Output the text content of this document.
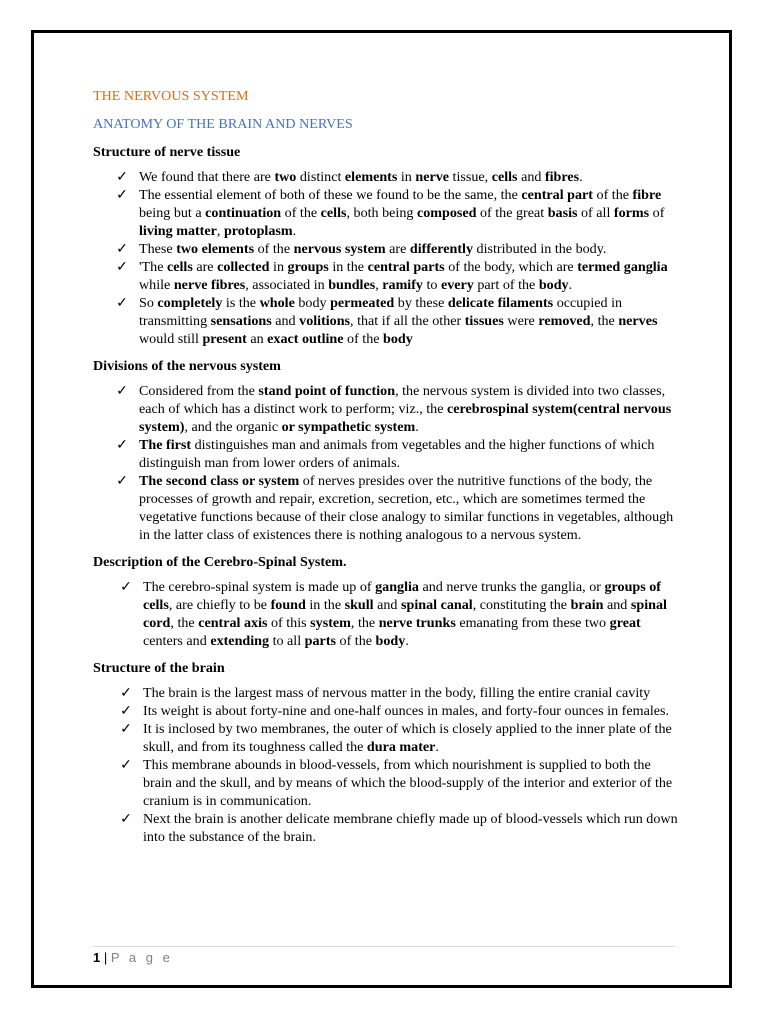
THE NERVOUS SYSTEM

ANATOMY OF THE BRAIN AND NERVES

Structure of nerve tissue
✓ We found that there are two distinct elements in nerve tissue, cells and fibres.
✓ The essential element of both of these we found to be the same, the central part of the fibre being but a continuation of the cells, both being composed of the great basis of all forms of living matter, protoplasm.
✓ These two elements of the nervous system are differently distributed in the body.
✓ 'The cells are collected in groups in the central parts of the body, which are termed ganglia while nerve fibres, associated in bundles, ramify to every part of the body.
✓ So completely is the whole body permeated by these delicate filaments occupied in transmitting sensations and volitions, that if all the other tissues were removed, the nerves would still present an exact outline of the body
Divisions of the nervous system
✓ Considered from the stand point of function, the nervous system is divided into two classes, each of which has a distinct work to perform; viz., the cerebrospinal system(central nervous system), and the organic or sympathetic system.
✓ The first distinguishes man and animals from vegetables and the higher functions of which distinguish man from lower orders of animals.
✓ The second class or system of nerves presides over the nutritive functions of the body, the processes of growth and repair, excretion, secretion, etc., which are sometimes termed the vegetative functions because of their close analogy to similar functions in vegetables, although in the latter class of existences there is nothing analogous to a nervous system.
Description of the Cerebro-Spinal System.
✓ The cerebro-spinal system is made up of ganglia and nerve trunks the ganglia, or groups of cells, are chiefly to be found in the skull and spinal canal, constituting the brain and spinal cord, the central axis of this system, the nerve trunks emanating from these two great centers and extending to all parts of the body.
Structure of the brain
✓ The brain is the largest mass of nervous matter in the body, filling the entire cranial cavity
✓ Its weight is about forty-nine and one-half ounces in males, and forty-four ounces in females.
✓ It is inclosed by two membranes, the outer of which is closely applied to the inner plate of the skull, and from its toughness called the dura mater.
✓ This membrane abounds in blood-vessels, from which nourishment is supplied to both the brain and the skull, and by means of which the blood-supply of the interior and exterior of the cranium is in communication.
✓ Next the brain is another delicate membrane chiefly made up of blood-vessels which run down into the substance of the brain.
1 | P a g e
